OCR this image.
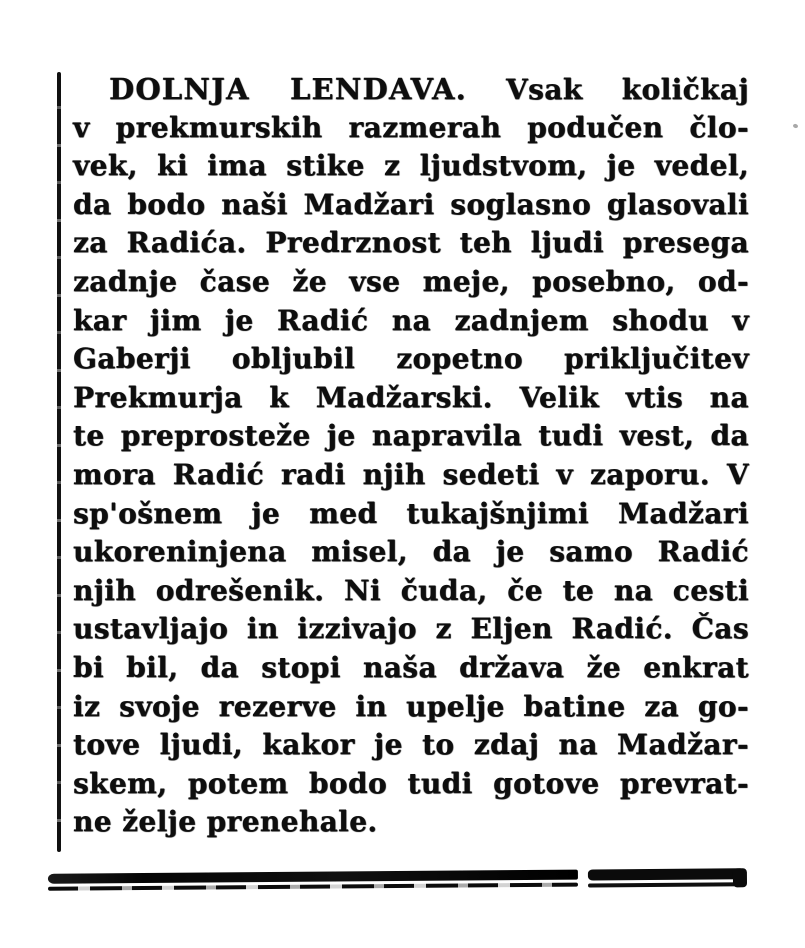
DOLNJA LENDAVA. Vsak količkaj
v prekmurskih razmerah podučen člo-
vek, ki ima stike z ljudstvom, je vedel,
da bodo naši Madžari soglasno glasovali
za Radića. Predrznost teh ljudi presega
zadnje čase že vse meje, posebno, od-
kar jim je Radić na zadnjem shodu v
Gaberji obljubil zopetno priključitev
Prekmurja k Madžarski. Velik vtis na
te preprosteže je napravila tudi vest, da
mora Radić radi njih sedeti v zaporu. V
sp'ošnem je med tukajšnjimi Madžari
ukoreninjena misel, da je samo Radić
njih odrešenik. Ni čuda, če te na cesti
ustavljajo in izzivajo z Eljen Radić. Čas
bi bil, da stopi naša država že enkrat
iz svoje rezerve in upelje batine za go-
tove ljudi, kakor je to zdaj na Madžar-
skem, potem bodo tudi gotove prevrat-
ne želje prenehale.
